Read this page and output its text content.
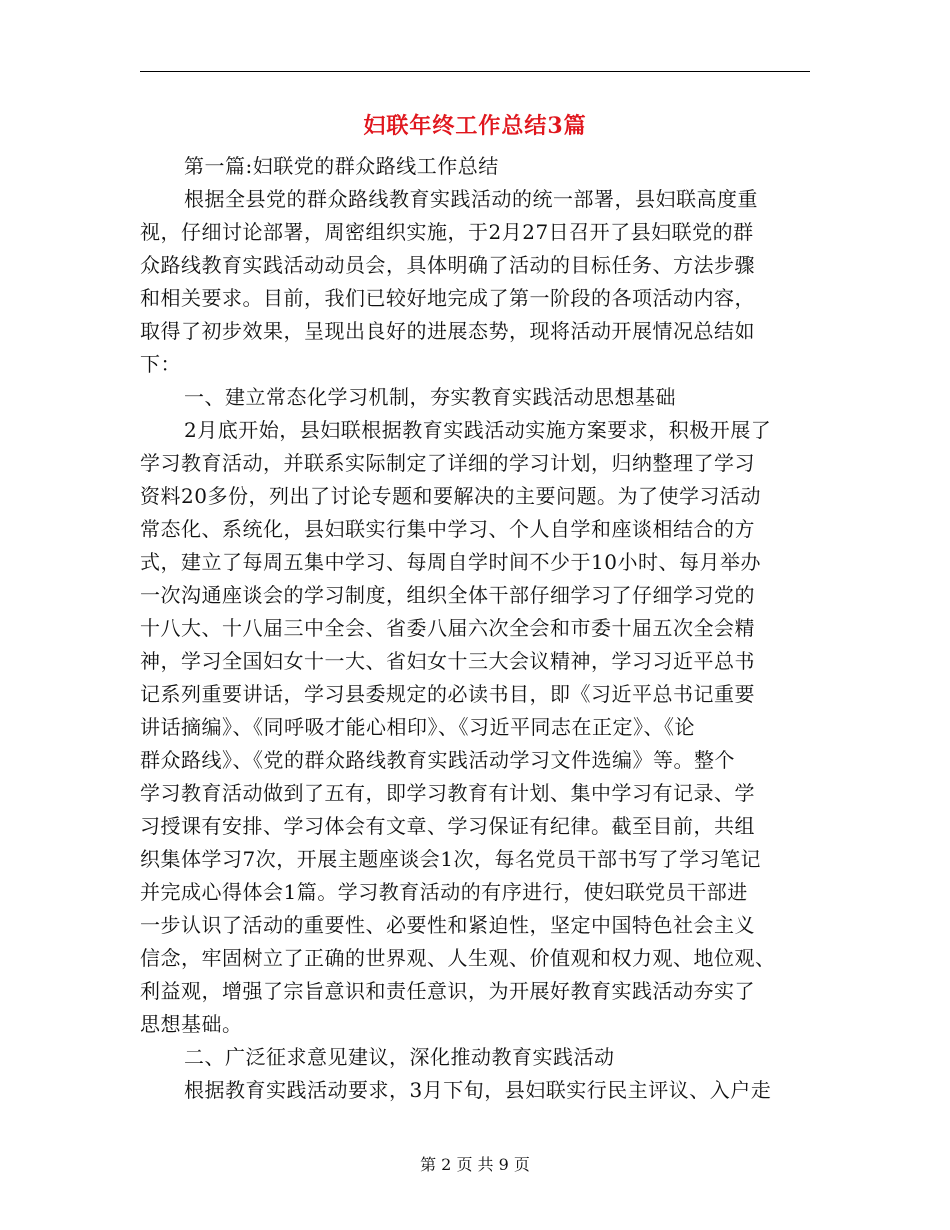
妇联年终工作总结3篇
第一篇:妇联党的群众路线工作总结
根据全县党的群众路线教育实践活动的统一部署，县妇联高度重
视，仔细讨论部署，周密组织实施，于2月27日召开了县妇联党的群
众路线教育实践活动动员会，具体明确了活动的目标任务、方法步骤
和相关要求。目前，我们已较好地完成了第一阶段的各项活动内容，
取得了初步效果，呈现出良好的进展态势，现将活动开展情况总结如
下：
一、建立常态化学习机制，夯实教育实践活动思想基础
2月底开始，县妇联根据教育实践活动实施方案要求，积极开展了
学习教育活动，并联系实际制定了详细的学习计划，归纳整理了学习
资料20多份，列出了讨论专题和要解决的主要问题。为了使学习活动
常态化、系统化，县妇联实行集中学习、个人自学和座谈相结合的方
式，建立了每周五集中学习、每周自学时间不少于10小时、每月举办
一次沟通座谈会的学习制度，组织全体干部仔细学习了仔细学习党的
十八大、十八届三中全会、省委八届六次全会和市委十届五次全会精
神，学习全国妇女十一大、省妇女十三大会议精神，学习习近平总书
记系列重要讲话，学习县委规定的必读书目，即《习近平总书记重要
讲话摘编》、《同呼吸才能心相印》、《习近平同志在正定》、《论
群众路线》、《党的群众路线教育实践活动学习文件选编》等。整个
学习教育活动做到了五有，即学习教育有计划、集中学习有记录、学
习授课有安排、学习体会有文章、学习保证有纪律。截至目前，共组
织集体学习7次，开展主题座谈会1次，每名党员干部书写了学习笔记
并完成心得体会1篇。学习教育活动的有序进行，使妇联党员干部进
一步认识了活动的重要性、必要性和紧迫性，坚定中国特色社会主义
信念，牢固树立了正确的世界观、人生观、价值观和权力观、地位观、
利益观，增强了宗旨意识和责任意识，为开展好教育实践活动夯实了
思想基础。
二、广泛征求意见建议，深化推动教育实践活动
根据教育实践活动要求，3月下旬，县妇联实行民主评议、入户走
第 2 页 共 9 页
